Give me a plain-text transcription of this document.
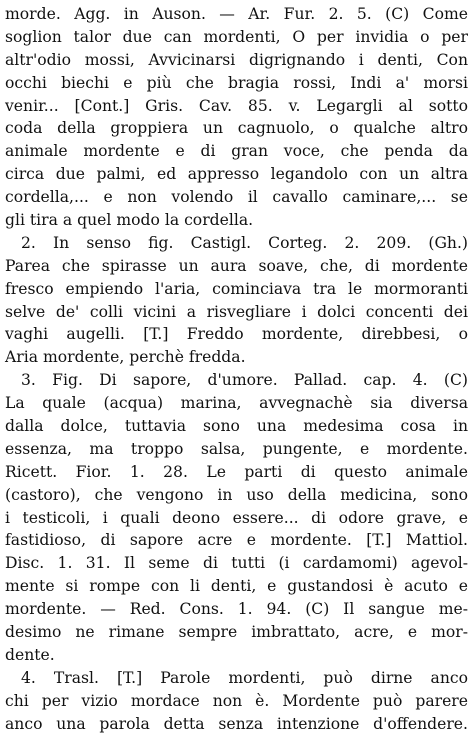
morde. Agg. in Auson. — Ar. Fur. 2. 5. (C) Come
soglion talor due can mordenti, O per invidia o per
altr'odio mossi, Avvicinarsi digrignando i denti, Con
occhi biechi e più che bragia rossi, Indi a' morsi
venir... [Cont.] Gris. Cav. 85. v. Legargli al sotto
coda della groppiera un cagnuolo, o qualche altro
animale mordente e di gran voce, che penda da
circa due palmi, ed appresso legandolo con un altra
cordella,... e non volendo il cavallo caminare,... se
gli tira a quel modo la cordella.
2. In senso fig. Castigl. Corteg. 2. 209. (Gh.)
Parea che spirasse un aura soave, che, di mordente
fresco empiendo l'aria, cominciava tra le mormoranti
selve de' colli vicini a risvegliare i dolci concenti dei
vaghi augelli. [T.] Freddo mordente, direbbesi, o
Aria mordente, perchè fredda.
3. Fig. Di sapore, d'umore. Pallad. cap. 4. (C)
La quale (acqua) marina, avvegnachè sia diversa
dalla dolce, tuttavia sono una medesima cosa in
essenza, ma troppo salsa, pungente, e mordente.
Ricett. Fior. 1. 28. Le parti di questo animale
(castoro), che vengono in uso della medicina, sono
i testicoli, i quali deono essere... di odore grave, e
fastidioso, di sapore acre e mordente. [T.] Mattiol.
Disc. 1. 31. Il seme di tutti (i cardamomi) agevol-
mente si rompe con li denti, e gustandosi è acuto e
mordente. — Red. Cons. 1. 94. (C) Il sangue me-
desimo ne rimane sempre imbrattato, acre, e mor-
dente.
4. Trasl. [T.] Parole mordenti, può dirne anco
chi per vizio mordace non è. Mordente può parere
anco una parola detta senza intenzione d'offendere.
